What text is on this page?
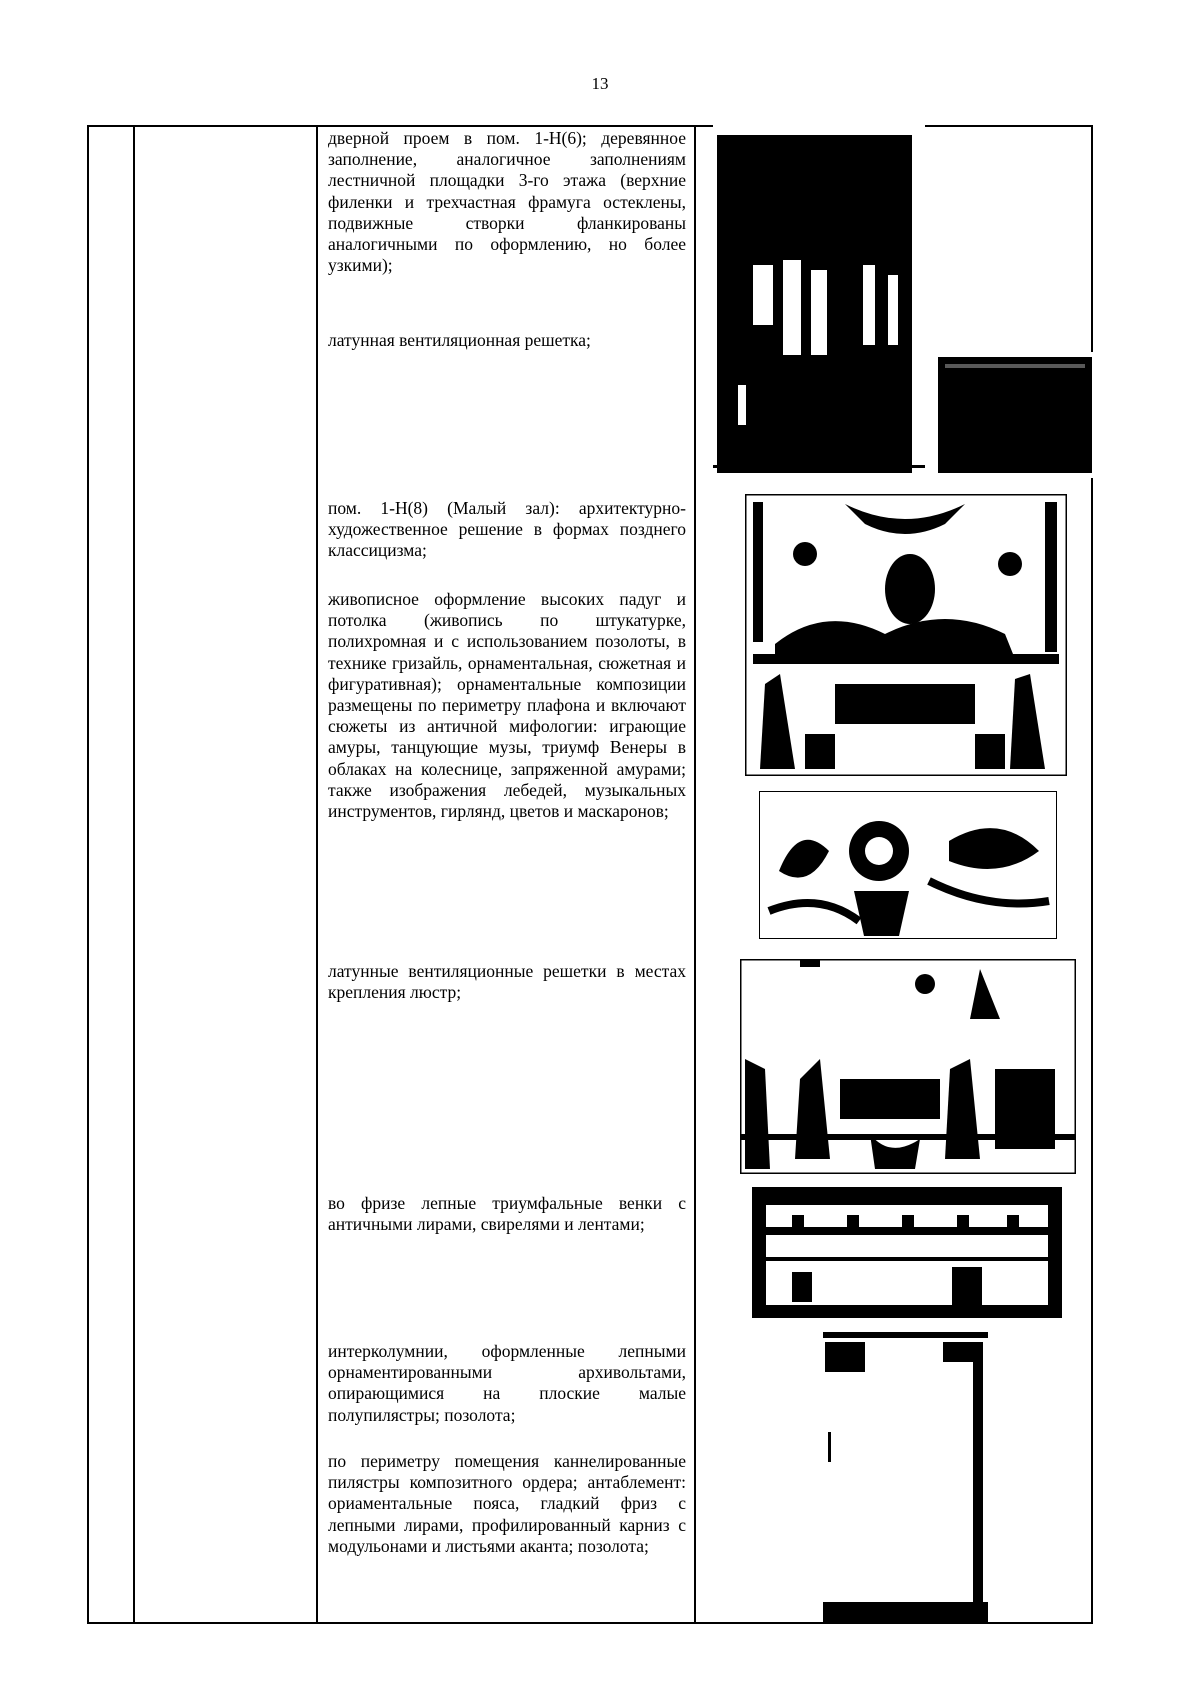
13

дверной проем в пом. 1-Н(6); деревянное заполнение, аналогичное заполнениям лестничной площадки 3-го этажа (верхние филенки и трехчастная фрамуга остеклены, подвижные створки фланкированы аналогичными по оформлению, но более узкими);

латунная вентиляционная решетка;

пом. 1-Н(8) (Малый зал): архитектурно-художественное решение в формах позднего классицизма;

живописное оформление высоких падуг и потолка (живопись по штукатурке, полихромная и с использованием позолоты, в технике гризайль, орнаментальная, сюжетная и фигуративная); орнаментальные композиции размещены по периметру плафона и включают сюжеты из античной мифологии: играющие амуры, танцующие музы, триумф Венеры в облаках на колеснице, запряженной амурами; также изображения лебедей, музыкальных инструментов, гирлянд, цветов и маскаронов;

латунные вентиляционные решетки в местах крепления люстр;

во фризе лепные триумфальные венки с античными лирами, свирелями и лентами;

интерколумнии, оформленные лепными орнаментированными архивольтами, опирающимися на плоские малые полупилястры; позолота;

по периметру помещения каннелированные пилястры композитного ордера; антаблемент: ориаментальные пояса, гладкий фриз с лепными лирами, профилированный карниз с модульонами и листьями аканта; позолота;
